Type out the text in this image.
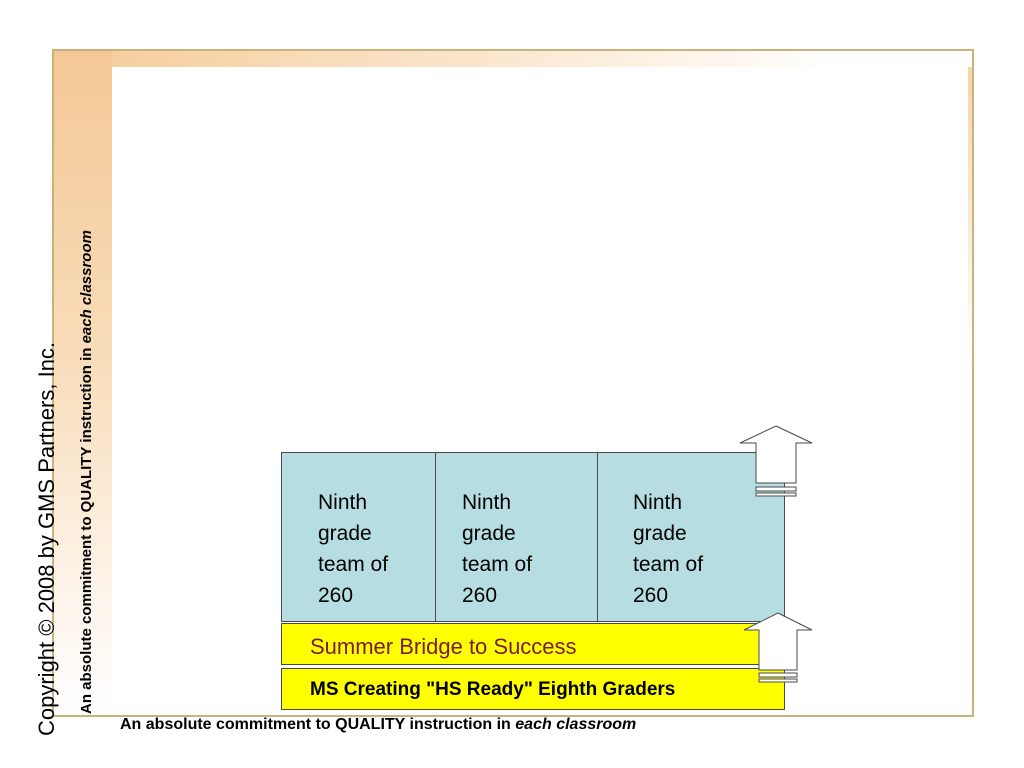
Copyright © 2008 by GMS Partners, Inc. An absolute commitment to QUALITY instruction in each classroom
Ninth
grade
team of
260
Ninth
grade
team of
260
Ninth
grade
team of
260
Summer Bridge to Success
MS Creating "HS Ready" Eighth Graders
An absolute commitment to QUALITY instruction in each classroom
